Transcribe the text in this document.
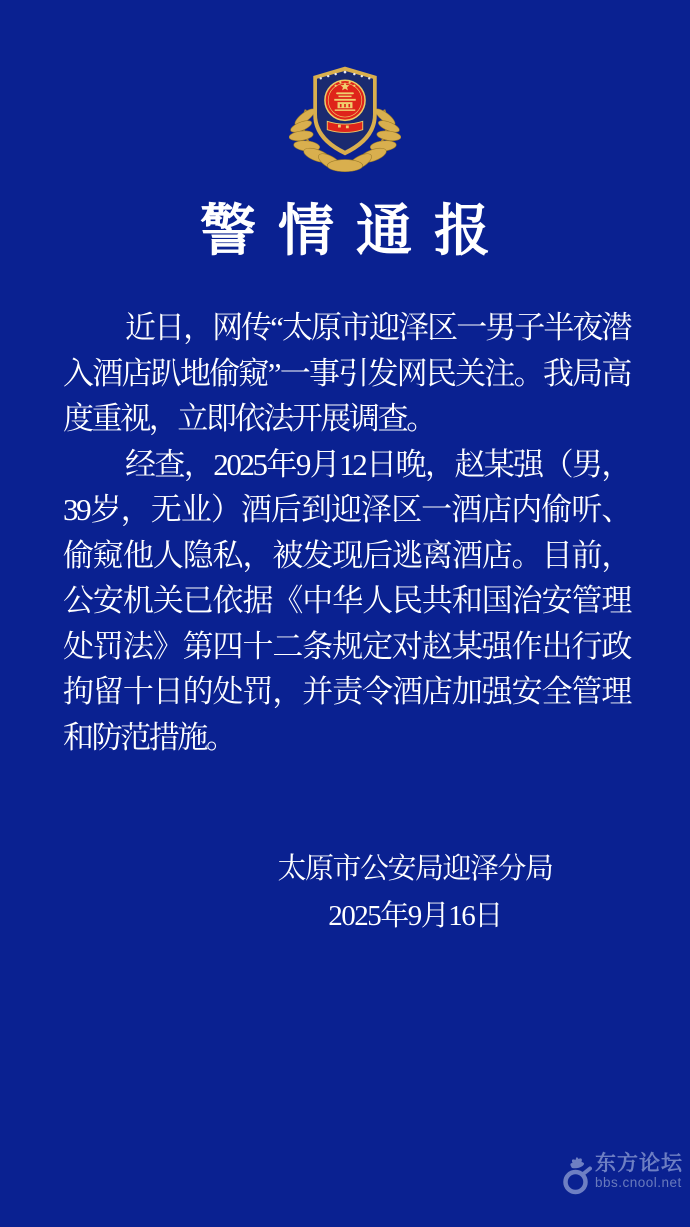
警情通报

近日，网传“太原市迎泽区一男子半夜潜入酒店趴地偷窥”一事引发网民关注。我局高度重视，立即依法开展调查。

经查，2025年9月12日晚，赵某强（男，39岁，无业）酒后到迎泽区一酒店内偷听、偷窥他人隐私，被发现后逃离酒店。目前，公安机关已依据《中华人民共和国治安管理处罚法》第四十二条规定对赵某强作出行政拘留十日的处罚，并责令酒店加强安全管理和防范措施。

太原市公安局迎泽分局
2025年9月16日
东方论坛
bbs.cnool.net
